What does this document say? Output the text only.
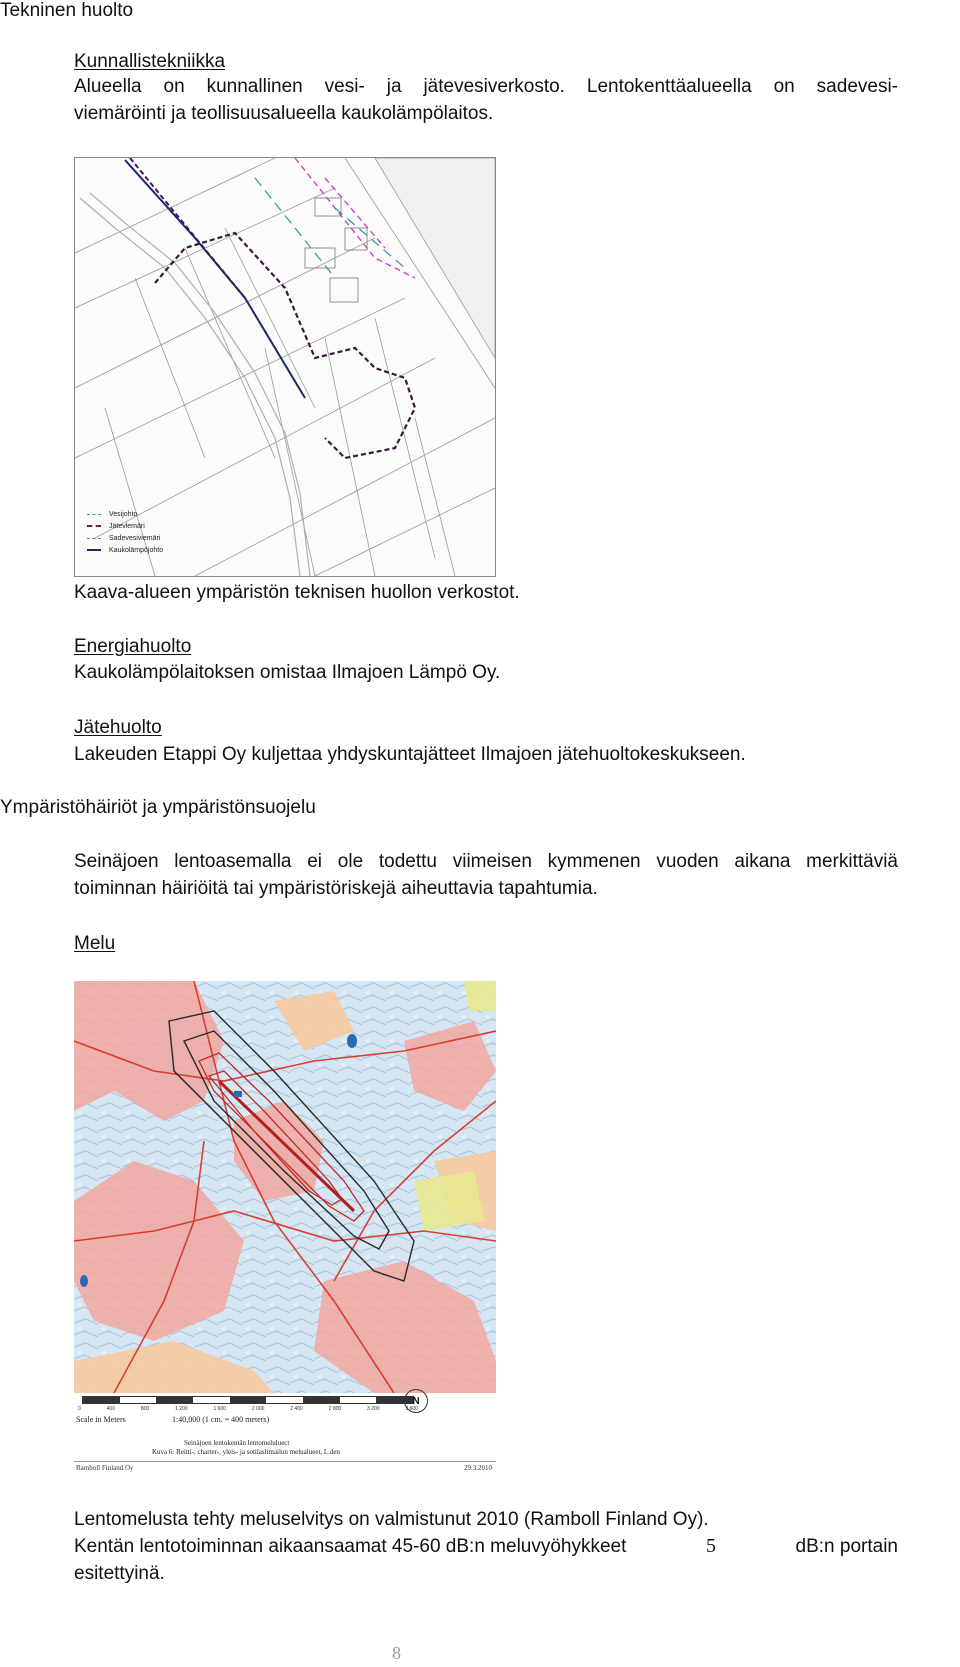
Tekninen huolto
Kunnallistekniikka
Alueella on kunnallinen vesi- ja jätevesiverkosto. Lentokenttäalueella on sadevesi-
viemäröinti ja teollisuusalueella kaukolämpölaitos.
Vesijohto
Jätevlemäri
Sadevesiviemäri
Kaukolämpöjohto
Kaava-alueen ympäristön teknisen huollon verkostot.
Energiahuolto
Kaukolämpölaitoksen omistaa Ilmajoen Lämpö Oy.
Jätehuolto
Lakeuden Etappi Oy kuljettaa yhdyskuntajätteet Ilmajoen jätehuoltokeskukseen.
Ympäristöhäiriöt ja ympäristönsuojelu
Seinäjoen lentoasemalla ei ole todettu viimeisen kymmenen vuoden aikana merkittäviä
toiminnan häiriöitä tai ympäristöriskejä aiheuttavia tapahtumia.
Melu
0	400	800	1 200	1 600	2 000	2 400	2 800	3 200	3 600
Scale in Meters	1:40,000 (1 cm. = 400 meters)
N
Seinäjoen lentokentän lentomeluluect
Kuva 6: Reitti-, charter-, yleis- ja sotilaslimailun melualueet, L.den
Ramboll Finland Oy	29.3.2010
Lentomelusta tehty meluselvitys on valmistunut 2010 (Ramboll Finland Oy).
Kentän lentotoiminnan aikaansaamat 45-60 dB:n meluvyöhykkeet	5	dB:n portain
esitettyinä.
8
